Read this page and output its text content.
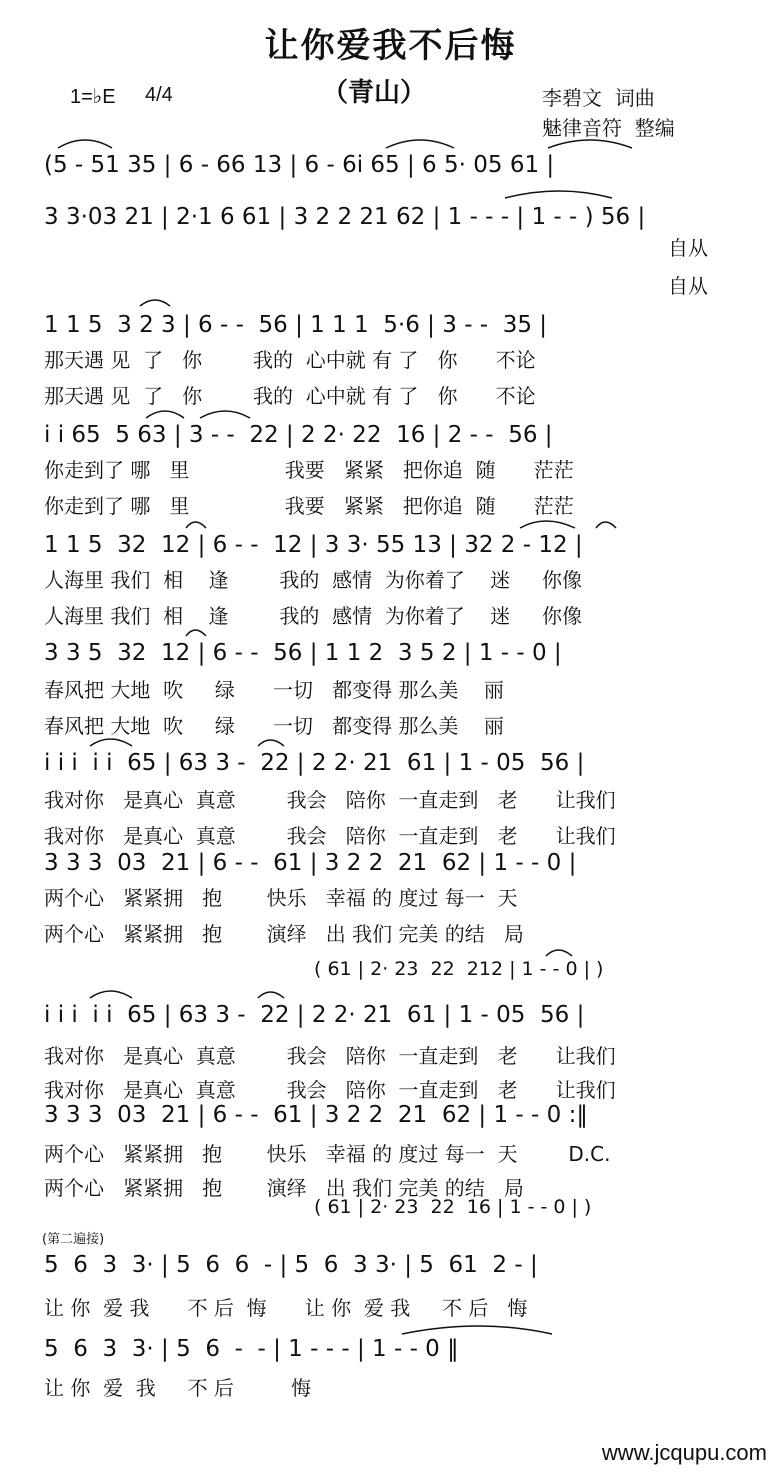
让你爱我不后悔
1=♭E 4/4	（青山）	李碧文  词曲
魅律音符  整编
(5 - 51 35 | 6 - 66 13 | 6 - 6i 65 | 6 5· 05 61 |
3 3·03 21 | 2·1 6 61 | 3 2 2 21 62 | 1 - - - | 1 - - ) 56 |
自从
自从
1 1 5  3 2 3 | 6 - -  56 | 1 1 1  5·6 | 3 - -  35 |
那天遇 见  了   你        我的  心中就 有 了   你      不论
那天遇 见  了   你        我的  心中就 有 了   你      不论
i i 65  5 63 | 3 - -  22 | 2 2· 22  16 | 2 - -  56 |
你走到了 哪   里               我要   紧紧   把你追  随      茫茫
你走到了 哪   里               我要   紧紧   把你追  随      茫茫
1 1 5  32  12 | 6 - -  12 | 3 3· 55 13 | 32 2 - 12 |
人海里 我们  相    逢        我的  感情  为你着了    迷     你像
人海里 我们  相    逢        我的  感情  为你着了    迷     你像
3 3 5  32  12 | 6 - -  56 | 1 1 2  3 5 2 | 1 - - 0 |
春风把 大地  吹     绿      一切   都变得 那么美    丽
春风把 大地  吹     绿      一切   都变得 那么美    丽
i i i  i i  65 | 63 3 -  22 | 2 2· 21  61 | 1 - 05  56 |
我对你   是真心  真意        我会   陪你  一直走到   老      让我们
我对你   是真心  真意        我会   陪你  一直走到   老      让我们
3 3 3  03  21 | 6 - -  61 | 3 2 2  21  62 | 1 - - 0 |
两个心   紧紧拥   抱       快乐   幸福 的 度过 每一  天
两个心   紧紧拥   抱       演绎   出 我们 完美 的结   局
i i i  i i  65 | 63 3 -  22 | 2 2· 21  61 | 1 - 05  56 |
我对你   是真心  真意        我会   陪你  一直走到   老      让我们
我对你   是真心  真意        我会   陪你  一直走到   老      让我们
3 3 3  03  21 | 6 - -  61 | 3 2 2  21  62 | 1 - - 0 :‖
两个心   紧紧拥   抱       快乐   幸福 的 度过 每一  天        D.C.
两个心   紧紧拥   抱       演绎   出 我们 完美 的结   局
5  6  3  3· | 5  6  6  - | 5  6  3 3· | 5  61  2 - |
让 你  爱 我      不 后  悔      让 你  爱 我     不 后   悔
5  6  3  3· | 5  6  -  - | 1 - - - | 1 - - 0 ‖
让 你  爱  我     不 后         悔
( 61 | 2· 23  22  212 | 1 - - 0 | )
( 61 | 2· 23  22  16 | 1 - - 0 | )
(第二遍接)
www.jcqupu.com
